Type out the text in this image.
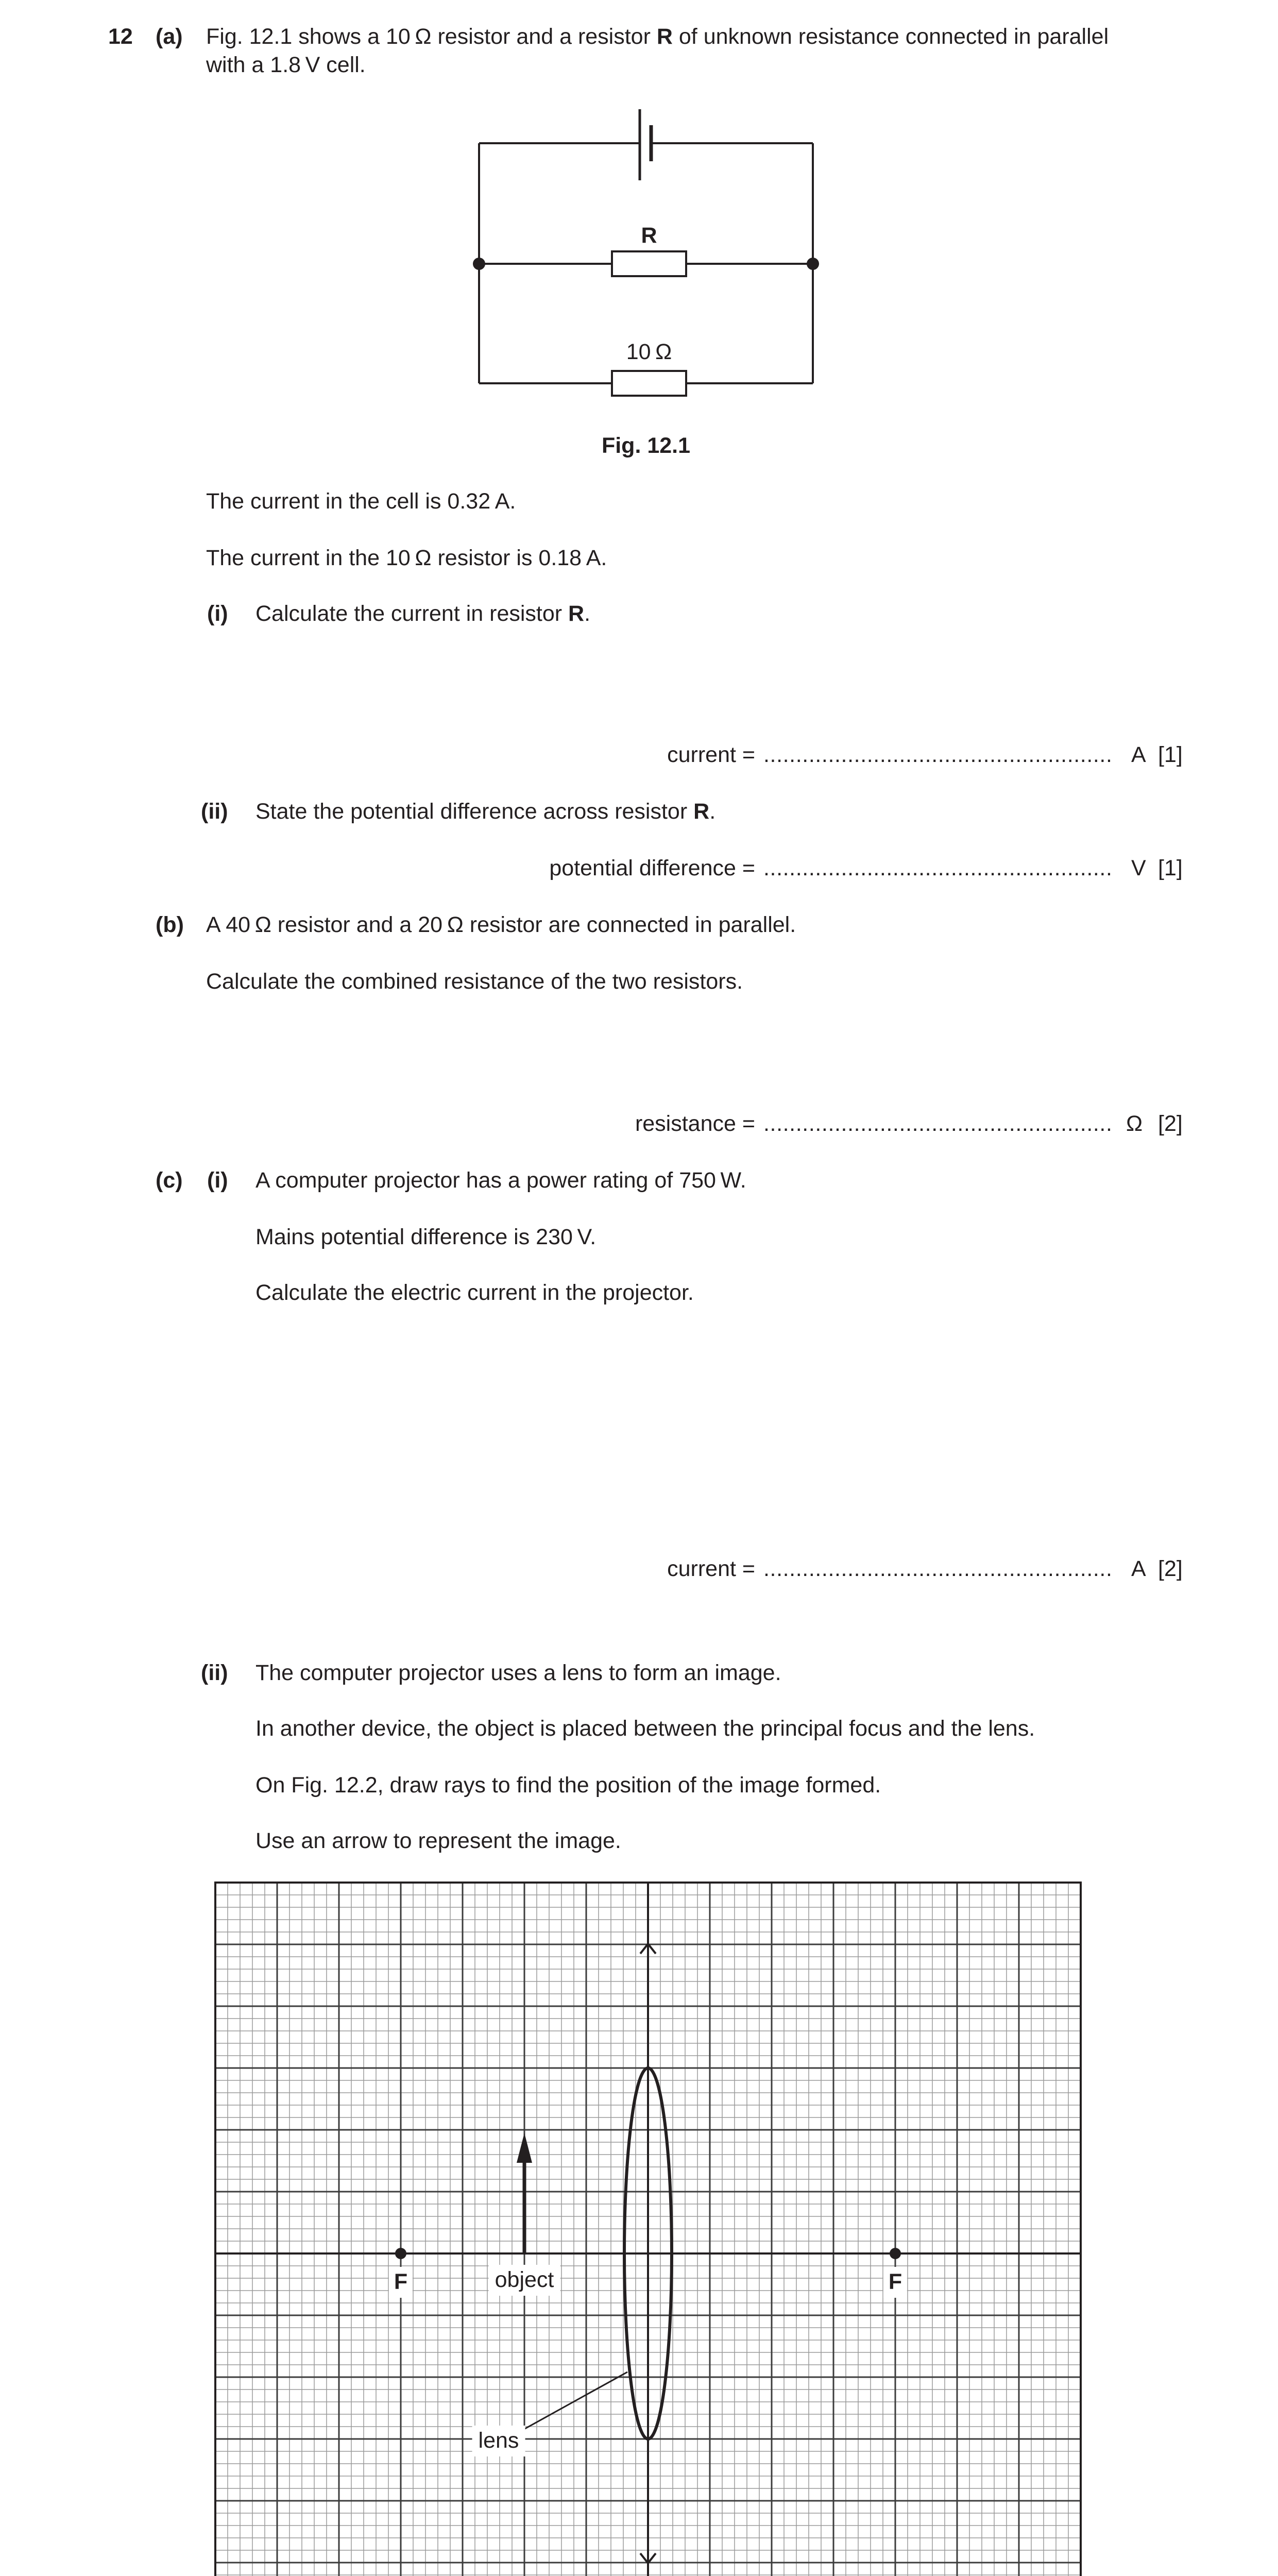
12 (a) Fig. 12.1 shows a 10 Ω resistor and a resistor R of unknown resistance connected in parallel
with a 1.8 V cell.
R
10 Ω
Fig. 12.1
The current in the cell is 0.32 A.
The current in the 10 Ω resistor is 0.18 A.
(i) Calculate the current in resistor R.
current = ...................................................... A [1]
(ii) State the potential difference across resistor R.
potential difference = ...................................................... V [1]
(b) A 40 Ω resistor and a 20 Ω resistor are connected in parallel.
Calculate the combined resistance of the two resistors.
resistance = ...................................................... Ω [2]
(c) (i) A computer projector has a power rating of 750 W.
Mains potential difference is 230 V.
Calculate the electric current in the projector.
current = ...................................................... A [2]
(ii) The computer projector uses a lens to form an image.
In another device, the object is placed between the principal focus and the lens.
On Fig. 12.2, draw rays to find the position of the image formed.
Use an arrow to represent the image.
F	F
object
lens
